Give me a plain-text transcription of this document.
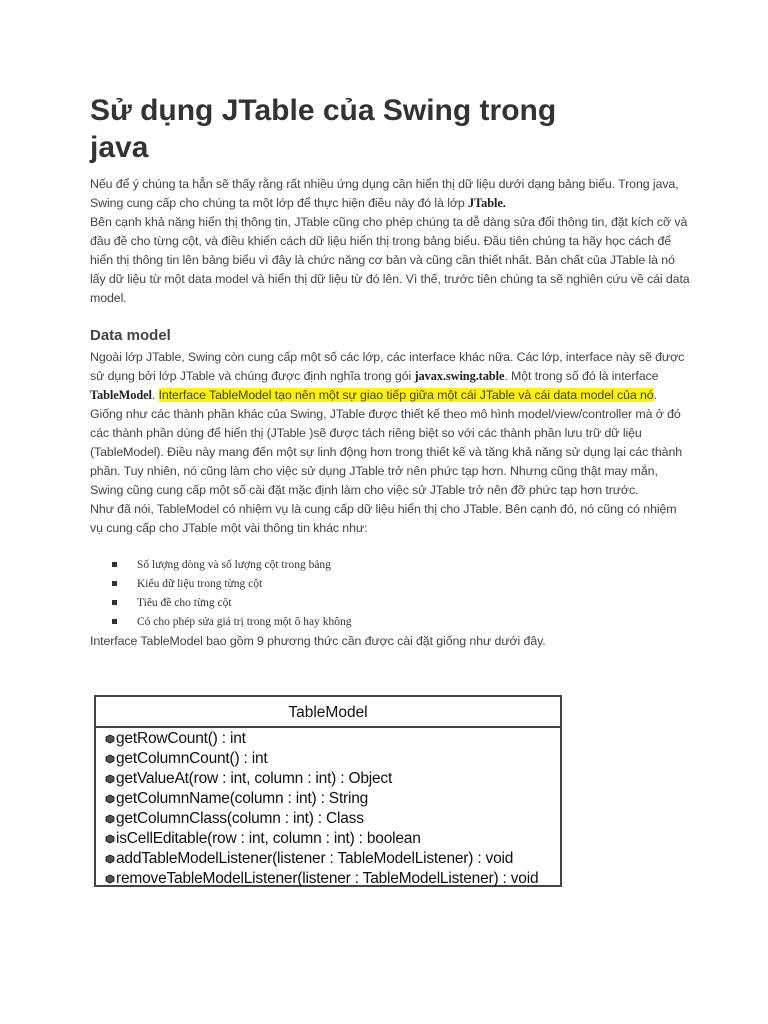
Sử dụng JTable của Swing trong java

Nếu để ý chúng ta hẳn sẽ thấy rằng rất nhiều ứng dụng cần hiển thị dữ liệu dưới dạng bảng biểu. Trong java, Swing cung cấp cho chúng ta một lớp để thực hiện điều này đó là lớp JTable.

Bên cạnh khả năng hiển thị thông tin, JTable cũng cho phép chúng ta dễ dàng sửa đổi thông tin, đặt kích cỡ và đầu đề cho từng cột, và điều khiển cách dữ liệu hiển thị trong bảng biểu. Đầu tiên chúng ta hãy học cách để hiển thị thông tin lên bảng biểu vì đây là chức năng cơ bản và cũng cần thiết nhất. Bản chất của JTable là nó lấy dữ liệu từ một data model và hiển thị dữ liệu từ đó lên. Vì thế, trước tiên chúng ta sẽ nghiên cứu về cái data model.

Data model

Ngoài lớp JTable, Swing còn cung cấp một số các lớp, các interface khác nữa. Các lớp, interface này sẽ được sử dụng bởi lớp JTable và chúng được định nghĩa trong gói javax.swing.table. Một trong số đó là interface TableModel. Interface TableModel tạo nên một sự giao tiếp giữa một cái JTable và cái data model của nó. Giống như các thành phần khác của Swing, JTable được thiết kế theo mô hình model/view/controller mà ở đó các thành phần dùng để hiển thị (JTable )sẽ được tách riêng biệt so với các thành phần lưu trữ dữ liệu (TableModel). Điều này mang đến một sự linh động hơn trong thiết kế và tăng khả năng sử dụng lại các thành phần. Tuy nhiên, nó cũng làm cho việc sử dụng JTable trở nên phức tạp hơn. Nhưng cũng thật may mắn, Swing cũng cung cấp một số cài đặt mặc định làm cho việc sử JTable trở nên đỡ phức tạp hơn trước.

Như đã nói, TableModel có nhiệm vụ là cung cấp dữ liệu hiển thị cho JTable. Bên cạnh đó, nó cũng có nhiệm vụ cung cấp cho JTable một vài thông tin khác như:

Số lượng dòng và số lượng cột trong bảng
Kiểu dữ liệu trong từng cột
Tiêu đề cho từng cột
Có cho phép sửa giá trị trong một ô hay không

Interface TableModel bao gồm 9 phương thức cần được cài đặt giống như dưới đây.

TableModel
getRowCount() : int
getColumnCount() : int
getValueAt(row : int, column : int) : Object
getColumnName(column : int) : String
getColumnClass(column : int) : Class
isCellEditable(row : int, column : int) : boolean
addTableModelListener(listener : TableModelListener) : void
removeTableModelListener(listener : TableModelListener) : void
